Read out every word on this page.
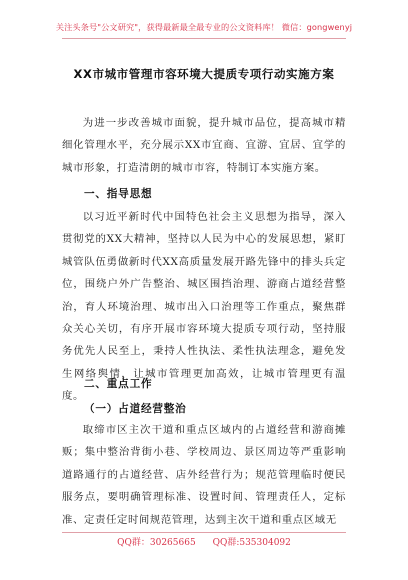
关注头条号"公文研究"，获得最新最全最专业的公文资料库！ 微信：gongwenyj
XX市城市管理市容环境大提质专项行动实施方案

为进一步改善城市面貌，提升城市品位，提高城市精细化管理水平，充分展示XX市宜商、宜游、宜居、宜学的城市形象，打造清朗的城市市容，特制订本实施方案。

一、指导思想

以习近平新时代中国特色社会主义思想为指导，深入贯彻党的XX大精神，坚持以人民为中心的发展思想，紧盯城管队伍勇做新时代XX高质量发展开路先锋中的排头兵定位，围绕户外广告整治、城区围挡治理、游商占道经营整治，育人环境治理、城市出入口治理等工作重点，聚焦群众关心关切，有序开展市容环境大提质专项行动，坚持服务优先人民至上，秉持人性执法、柔性执法理念，避免发生网络舆情，让城市管理更加高效，让城市管理更有温度。

二、重点工作
（一）占道经营整治

取缔市区主次干道和重点区域内的占道经营和游商摊贩；集中整治背街小巷、学校周边、景区周边等严重影响道路通行的占道经营、店外经营行为；规范管理临时便民服务点，要明确管理标准、设置时间、管理责任人，定标准、定责任定时间规范管理，达到主次干道和重点区域无

QQ群：30265665 QQ群:535304092
